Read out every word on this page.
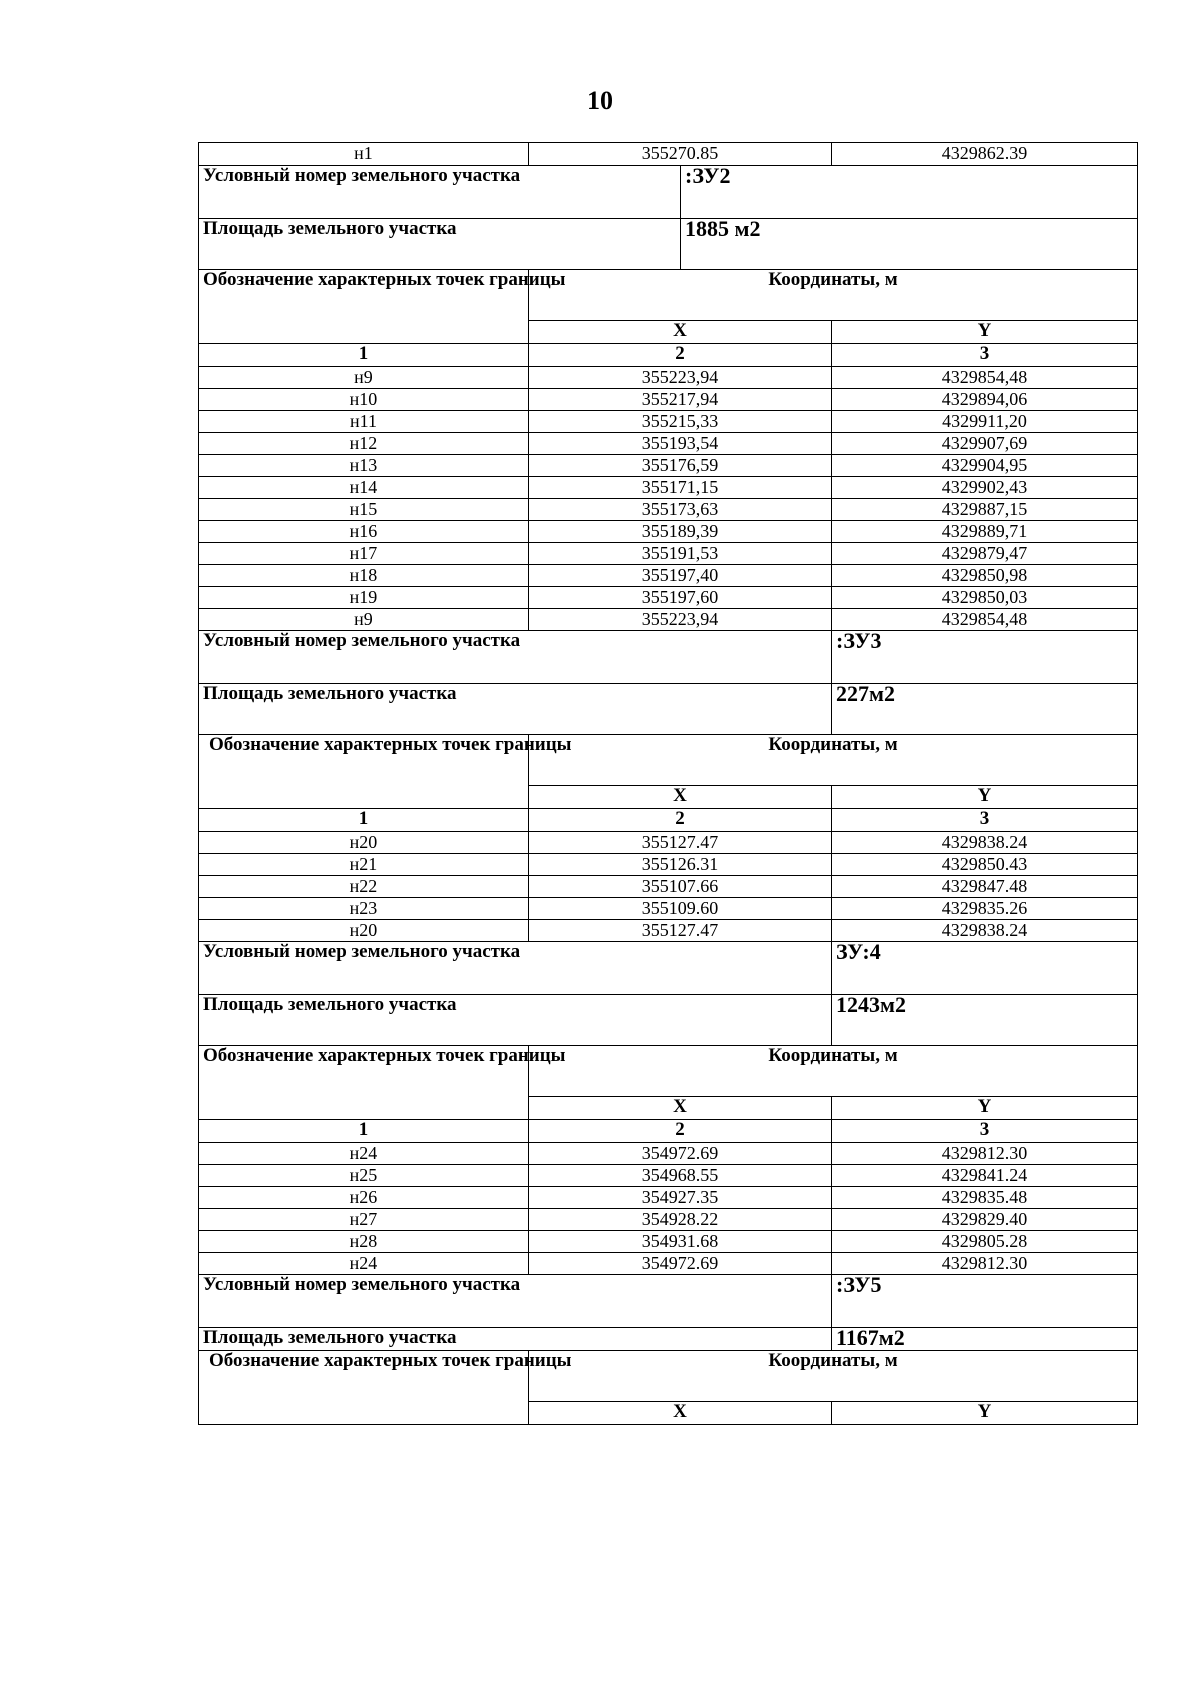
10
н1	355270.85		4329862.39
Условный номер земельного участка		:ЗУ2	
Площадь земельного участка		1885 м2	
Обозначение характерных точек границы	Координаты, м		
	X		Y
1	2		3
н9	355223,94		4329854,48
н10	355217,94		4329894,06
н11	355215,33		4329911,20
н12	355193,54		4329907,69
н13	355176,59		4329904,95
н14	355171,15		4329902,43
н15	355173,63		4329887,15
н16	355189,39		4329889,71
н17	355191,53		4329879,47
н18	355197,40		4329850,98
н19	355197,60		4329850,03
н9	355223,94		4329854,48
Условный номер земельного участка			:ЗУ3
Площадь земельного участка			227м2
Обозначение характерных точек границы	Координаты, м		
	X		Y
1	2		3
н20	355127.47		4329838.24
н21	355126.31		4329850.43
н22	355107.66		4329847.48
н23	355109.60		4329835.26
н20	355127.47		4329838.24
Условный номер земельного участка			ЗУ:4
Площадь земельного участка			1243м2
Обозначение характерных точек границы	Координаты, м		
	X		Y
1	2		3
н24	354972.69		4329812.30
н25	354968.55		4329841.24
н26	354927.35		4329835.48
н27	354928.22		4329829.40
н28	354931.68		4329805.28
н24	354972.69		4329812.30
Условный номер земельного участка			:ЗУ5
Площадь земельного участка			1167м2
Обозначение характерных точек границы	Координаты, м		
	X		Y
